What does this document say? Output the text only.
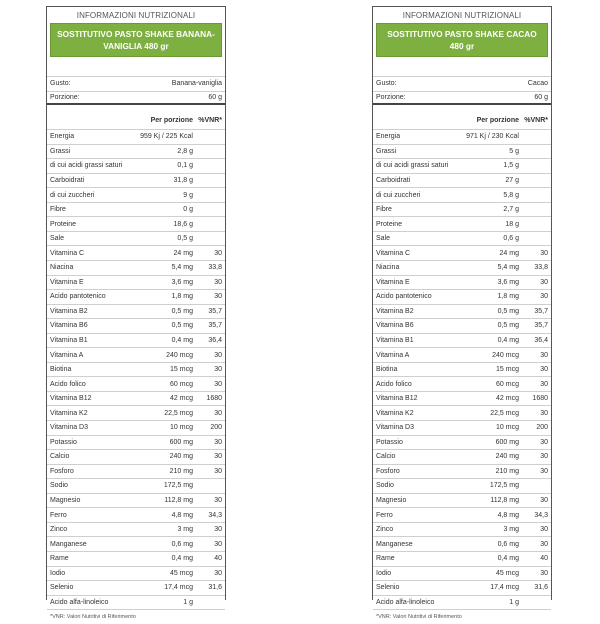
INFORMAZIONI NUTRIZIONALI
SOSTITUTIVO PASTO SHAKE BANANA-VANIGLIA 480 gr
Gusto:	Banana-vaniglia
Porzione:	60 g
Per porzione %VNR*
Energia	959 Kj / 225 Kcal
Grassi	2,8 g
di cui acidi grassi saturi	0,1 g
Carboidrati	31,8 g
di cui zuccheri	9 g
Fibre	0 g
Proteine	18,6 g
Sale	0,5 g
Vitamina C	24 mg	30
Niacina	5,4 mg	33,8
Vitamina E	3,6 mg	30
Acido pantotenico	1,8 mg	30
Vitamina B2	0,5 mg	35,7
Vitamina B6	0,5 mg	35,7
Vitamina B1	0,4 mg	36,4
Vitamina A	240 mcg	30
Biotina	15 mcg	30
Acido folico	60 mcg	30
Vitamina B12	42 mcg	1680
Vitamina K2	22,5 mcg	30
Vitamina D3	10 mcg	200
Potassio	600 mg	30
Calcio	240 mg	30
Fosforo	210 mg	30
Sodio	172,5 mg
Magnesio	112,8 mg	30
Ferro	4,8 mg	34,3
Zinco	3 mg	30
Manganese	0,6 mg	30
Rame	0,4 mg	40
Iodio	45 mcg	30
Selenio	17,4 mcg	31,6
Acido alfa-linoleico	1 g
*VNR: Valori Nutritivi di Riferimento
INFORMAZIONI NUTRIZIONALI
SOSTITUTIVO PASTO SHAKE CACAO 480 gr
Gusto:	Cacao
Porzione:	60 g
Per porzione %VNR*
Energia	971 Kj / 230 Kcal
Grassi	5 g
di cui acidi grassi saturi	1,5 g
Carboidrati	27 g
di cui zuccheri	5,8 g
Fibre	2,7 g
Proteine	18 g
Sale	0,6 g
Vitamina C	24 mg	30
Niacina	5,4 mg	33,8
Vitamina E	3,6 mg	30
Acido pantotenico	1,8 mg	30
Vitamina B2	0,5 mg	35,7
Vitamina B6	0,5 mg	35,7
Vitamina B1	0,4 mg	36,4
Vitamina A	240 mcg	30
Biotina	15 mcg	30
Acido folico	60 mcg	30
Vitamina B12	42 mcg	1680
Vitamina K2	22,5 mcg	30
Vitamina D3	10 mcg	200
Potassio	600 mg	30
Calcio	240 mg	30
Fosforo	210 mg	30
Sodio	172,5 mg
Magnesio	112,8 mg	30
Ferro	4,8 mg	34,3
Zinco	3 mg	30
Manganese	0,6 mg	30
Rame	0,4 mg	40
Iodio	45 mcg	30
Selenio	17,4 mcg	31,6
Acido alfa-linoleico	1 g
*VNR: Valori Nutritivi di Riferimento
